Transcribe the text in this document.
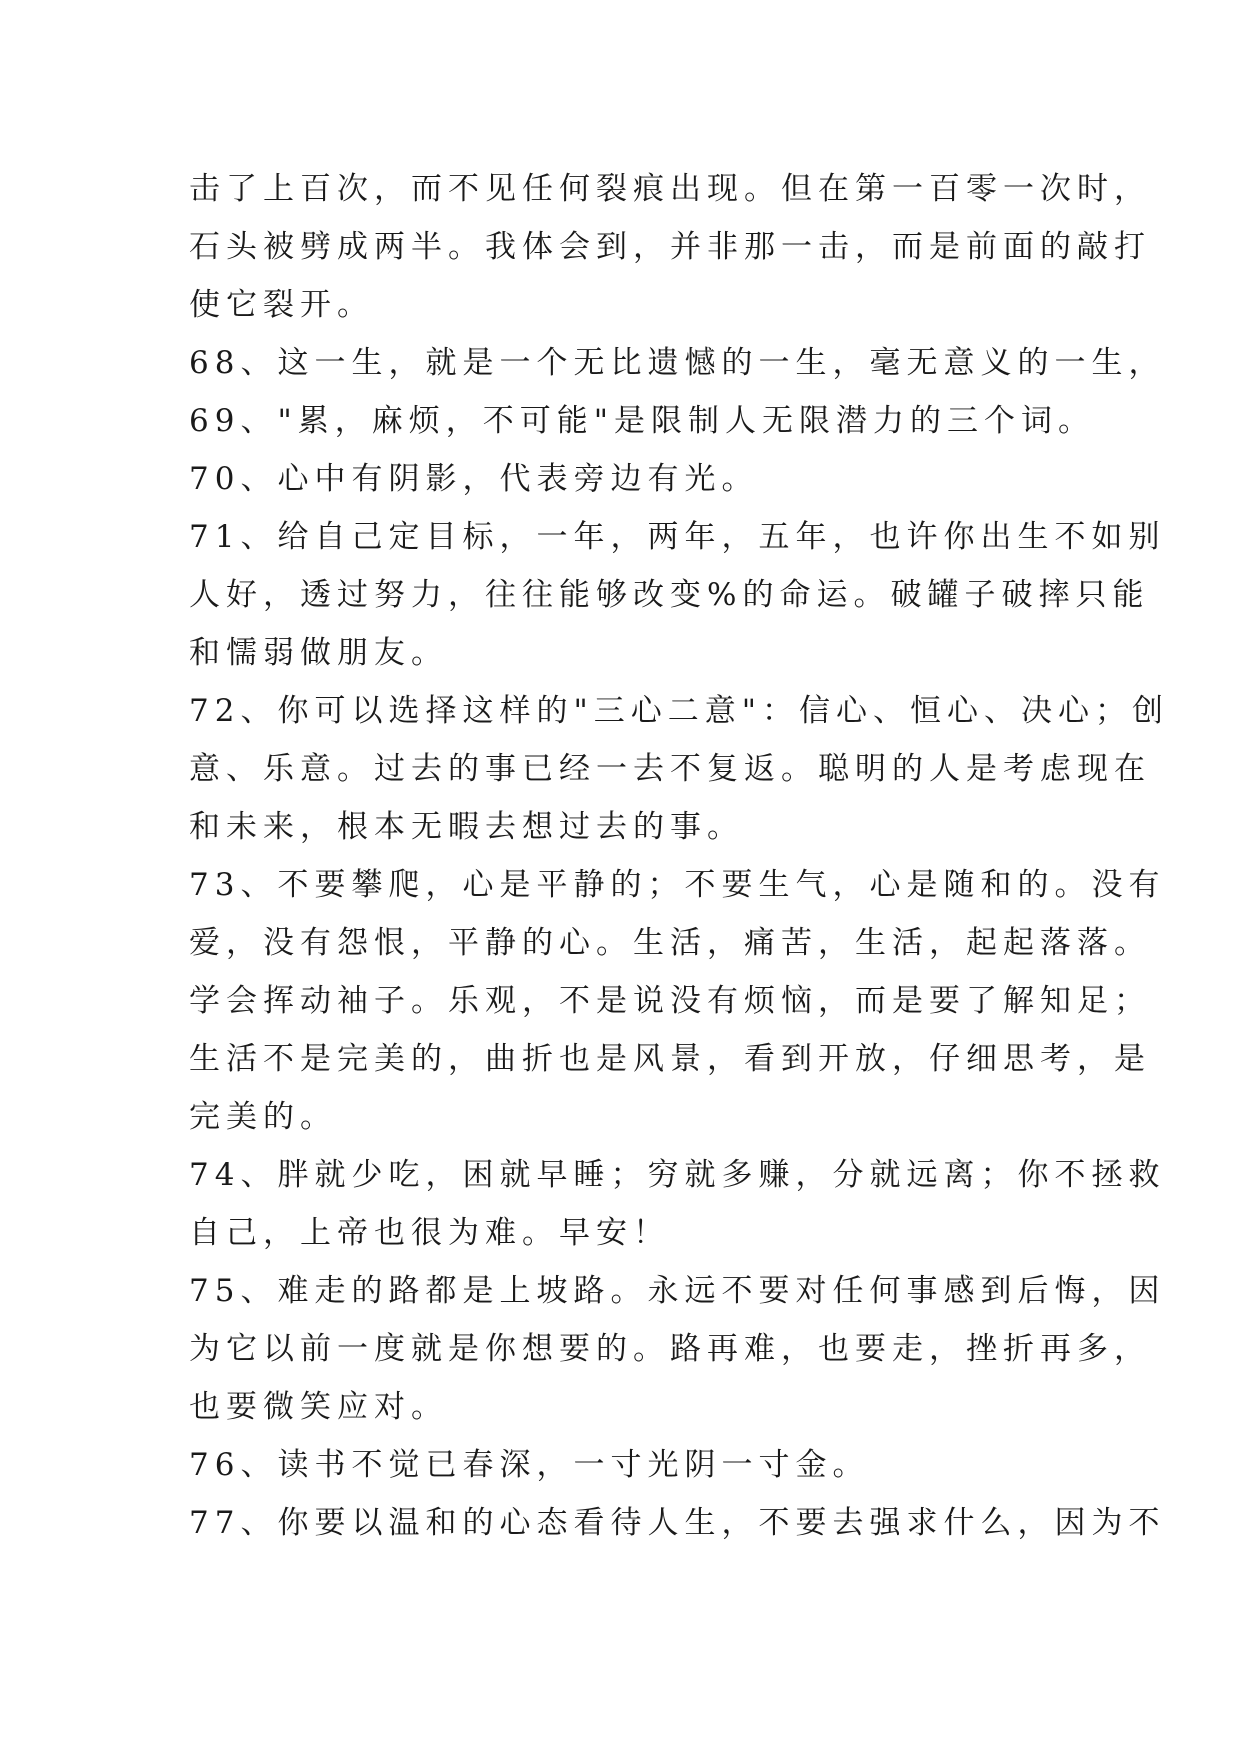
击了上百次，而不见任何裂痕出现。但在第一百零一次时，
石头被劈成两半。我体会到，并非那一击，而是前面的敲打
使它裂开。
68、这一生，就是一个无比遗憾的一生，毫无意义的一生，
69、"累，麻烦，不可能"是限制人无限潜力的三个词。
70、心中有阴影，代表旁边有光。
71、给自己定目标，一年，两年，五年，也许你出生不如别
人好，透过努力，往往能够改变%的命运。破罐子破摔只能
和懦弱做朋友。
72、你可以选择这样的"三心二意"：信心、恒心、决心；创
意、乐意。过去的事已经一去不复返。聪明的人是考虑现在
和未来，根本无暇去想过去的事。
73、不要攀爬，心是平静的；不要生气，心是随和的。没有
爱，没有怨恨，平静的心。生活，痛苦，生活，起起落落。
学会挥动袖子。乐观，不是说没有烦恼，而是要了解知足；
生活不是完美的，曲折也是风景，看到开放，仔细思考，是
完美的。
74、胖就少吃，困就早睡；穷就多赚，分就远离；你不拯救
自己，上帝也很为难。早安！
75、难走的路都是上坡路。永远不要对任何事感到后悔，因
为它以前一度就是你想要的。路再难，也要走，挫折再多，
也要微笑应对。
76、读书不觉已春深，一寸光阴一寸金。
77、你要以温和的心态看待人生，不要去强求什么，因为不
